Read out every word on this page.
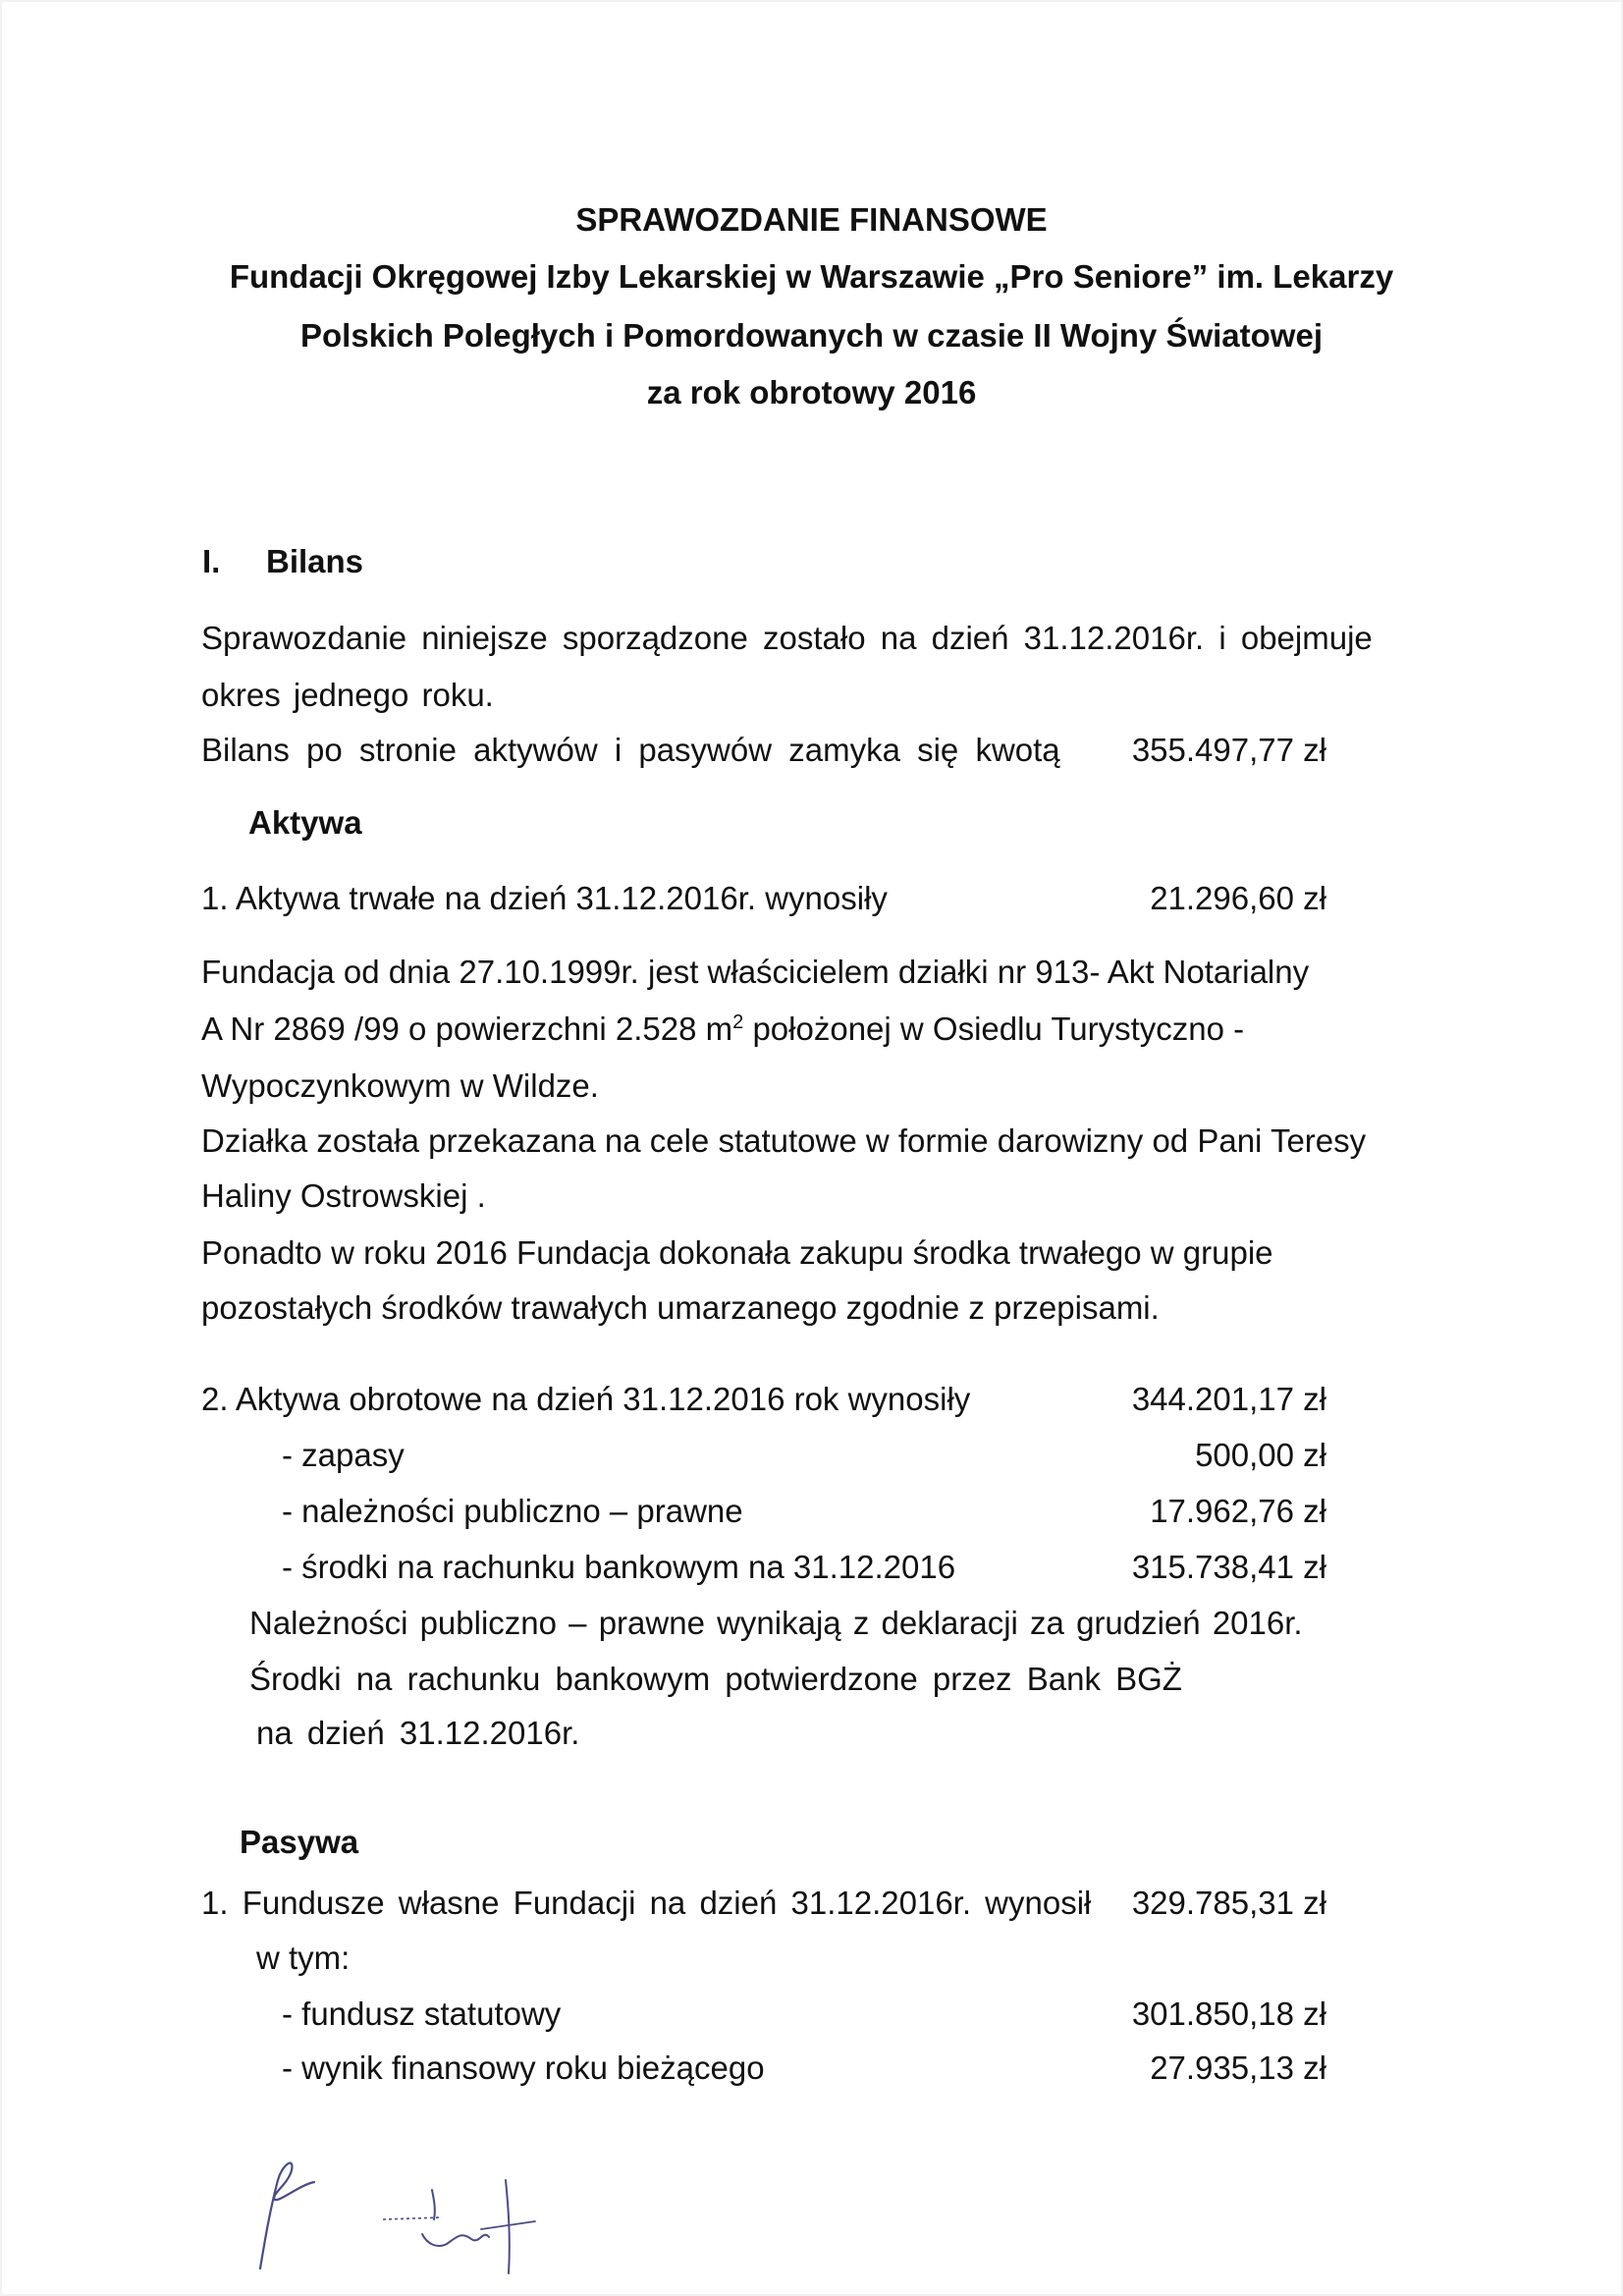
SPRAWOZDANIE FINANSOWE
Fundacji Okręgowej Izby Lekarskiej w Warszawie „Pro Seniore” im. Lekarzy
Polskich Poległych i Pomordowanych w czasie II Wojny Światowej
za rok obrotowy 2016
I. Bilans
Sprawozdanie niniejsze sporządzone zostało na dzień 31.12.2016r. i obejmuje
okres jednego roku.
Bilans po stronie aktywów i pasywów zamyka się kwotą 355.497,77 zł
Aktywa
1. Aktywa trwałe na dzień 31.12.2016r. wynosiły	21.296,60 zł
Fundacja od dnia 27.10.1999r. jest właścicielem działki nr 913- Akt Notarialny
A Nr 2869 /99 o powierzchni 2.528 $m^2$ położonej w Osiedlu Turystyczno -
Wypoczynkowym w Wildze.
Działka została przekazana na cele statutowe w formie darowizny od Pani Teresy
Haliny Ostrowskiej .
Ponadto w roku 2016 Fundacja dokonała zakupu środka trwałego w grupie
pozostałych środków trawałych umarzanego zgodnie z przepisami.
2. Aktywa obrotowe na dzień 31.12.2016 rok wynosiły	344.201,17 zł
- zapasy	500,00 zł
- należności publiczno – prawne	17.962,76 zł
- środki na rachunku bankowym na 31.12.2016	315.738,41 zł
Należności publiczno – prawne wynikają z deklaracji za grudzień 2016r.
Środki na rachunku bankowym potwierdzone przez Bank BGŻ
na dzień 31.12.2016r.
Pasywa
1. Fundusze własne Fundacji na dzień 31.12.2016r. wynosił 329.785,31 zł
w tym:
- fundusz statutowy	301.850,18 zł
- wynik finansowy roku bieżącego	27.935,13 zł
